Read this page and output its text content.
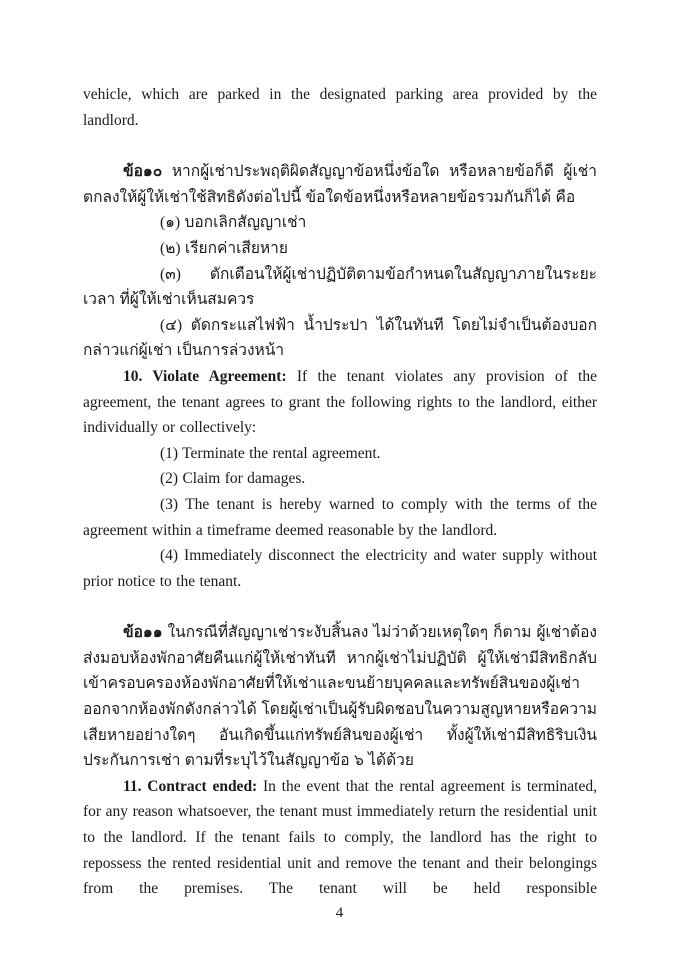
vehicle, which are parked in the designated parking area provided by the landlord.

ข้อ๑๐ หากผู้เช่าประพฤติผิดสัญญาข้อหนึ่งข้อใด หรือหลายข้อก็ดี ผู้เช่าตกลงให้ผู้ให้เช่าใช้สิทธิดังต่อไปนี้ ข้อใดข้อหนึ่งหรือหลายข้อรวมกันก็ได้ คือ

(๑) บอกเลิกสัญญาเช่า

(๒) เรียกค่าเสียหาย

(๓) ตักเตือนให้ผู้เช่าปฏิบัติตามข้อกำหนดในสัญญาภายในระยะเวลา ที่ผู้ให้เช่าเห็นสมควร

(๔) ตัดกระแสไฟฟ้า น้ำประปา ได้ในทันที โดยไม่จำเป็นต้องบอกกล่าวแก่ผู้เช่า เป็นการล่วงหน้า

10. Violate Agreement: If the tenant violates any provision of the agreement, the tenant agrees to grant the following rights to the landlord, either individually or collectively:

(1) Terminate the rental agreement.

(2) Claim for damages.

(3) The tenant is hereby warned to comply with the terms of the agreement within a timeframe deemed reasonable by the landlord.

(4) Immediately disconnect the electricity and water supply without prior notice to the tenant.

ข้อ๑๑ ในกรณีที่สัญญาเช่าระงับสิ้นลง ไม่ว่าด้วยเหตุใดๆ ก็ตาม ผู้เช่าต้องส่งมอบห้องพักอาศัยคืนแก่ผู้ให้เช่าทันที หากผู้เช่าไม่ปฏิบัติ ผู้ให้เช่ามีสิทธิกลับเข้าครอบครองห้องพักอาศัยที่ให้เช่าและขนย้ายบุคคลและทรัพย์สินของผู้เช่าออกจากห้องพักดังกล่าวได้ โดยผู้เช่าเป็นผู้รับผิดชอบในความสูญหายหรือความเสียหายอย่างใดๆ อันเกิดขึ้นแก่ทรัพย์สินของผู้เช่า ทั้งผู้ให้เช่ามีสิทธิริบเงินประกันการเช่า ตามที่ระบุไว้ในสัญญาข้อ ๖ ได้ด้วย

11. Contract ended: In the event that the rental agreement is terminated, for any reason whatsoever, the tenant must immediately return the residential unit to the landlord. If the tenant fails to comply, the landlord has the right to repossess the rented residential unit and remove the tenant and their belongings from the premises. The tenant will be held responsible

4
